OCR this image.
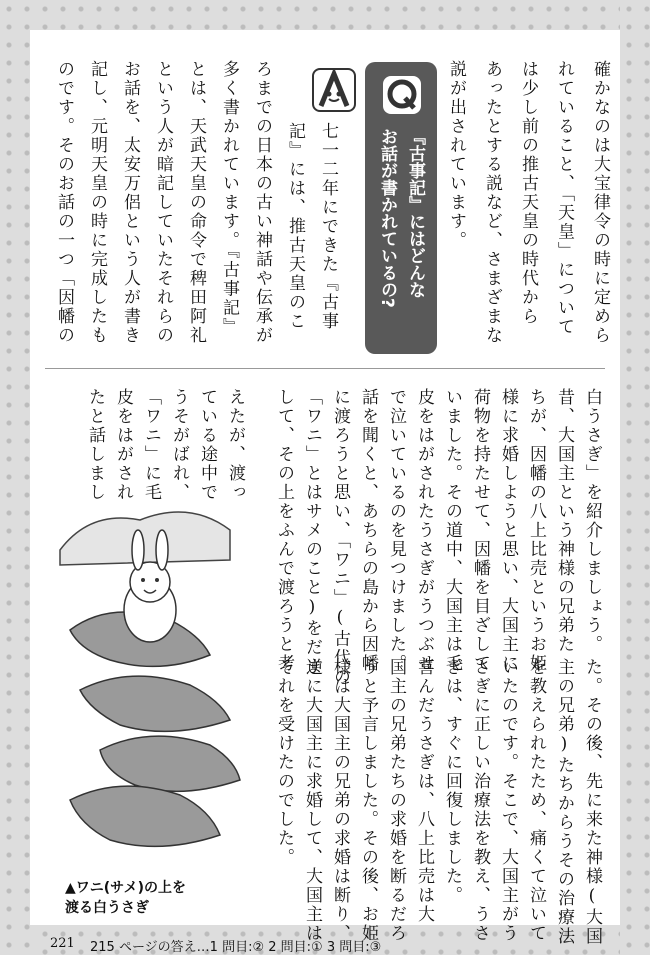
確かなのは大宝律令の時に定めら
れていること、「天皇」について
は少し前の推古天皇の時代から
あったとする説など、さまざまな
説が出されています。
『古事記』にはどんな
お話が書かれているの?
七一二年にできた『古事
記』には、推古天皇のこ
ろまでの日本の古い神話や伝承が
多く書かれています。『古事記』
とは、天武天皇の命令で稗田阿礼
という人が暗記していたそれらの
お話を、太安万侶という人が書き
記し、元明天皇の時に完成したも
のです。そのお話の一つ「因幡の
白うさぎ」を紹介しましょう。
昔、大国主という神様の兄弟た
ちが、因幡の八上比売というお姫
様に求婚しようと思い、大国主に
荷物を持たせて、因幡を目ざして
いました。その道中、大国主は毛
皮をはがされたうさぎがうつぶせ
で泣いているのを見つけました。
話を聞くと、あちらの島から因幡
に渡ろうと思い、「ワニ」(古代の
「ワニ」とはサメのこと)をだま
して、その上をふんで渡ろうと考
えたが、渡っ
ている途中で
うそがばれ、
「ワニ」に毛
皮をはがされ
たと話しまし
た。その後、先に来た神様(大国
主の兄弟)たちからうその治療法
を教えられたため、痛くて泣いて
いたのです。そこで、大国主がう
さぎに正しい治療法を教え、うさ
ぎは、すぐに回復しました。
喜んだうさぎは、八上比売は大
国主の兄弟たちの求婚を断るだろ
うと予言しました。その後、お姫
様は大国主の兄弟の求婚は断り、
逆に大国主に求婚して、大国主は
それを受けたのでした。
▲ワニ(サメ)の上を
渡る白うさぎ
221 215 ページの答え…1 問目:② 2 問目:① 3 問目:③
